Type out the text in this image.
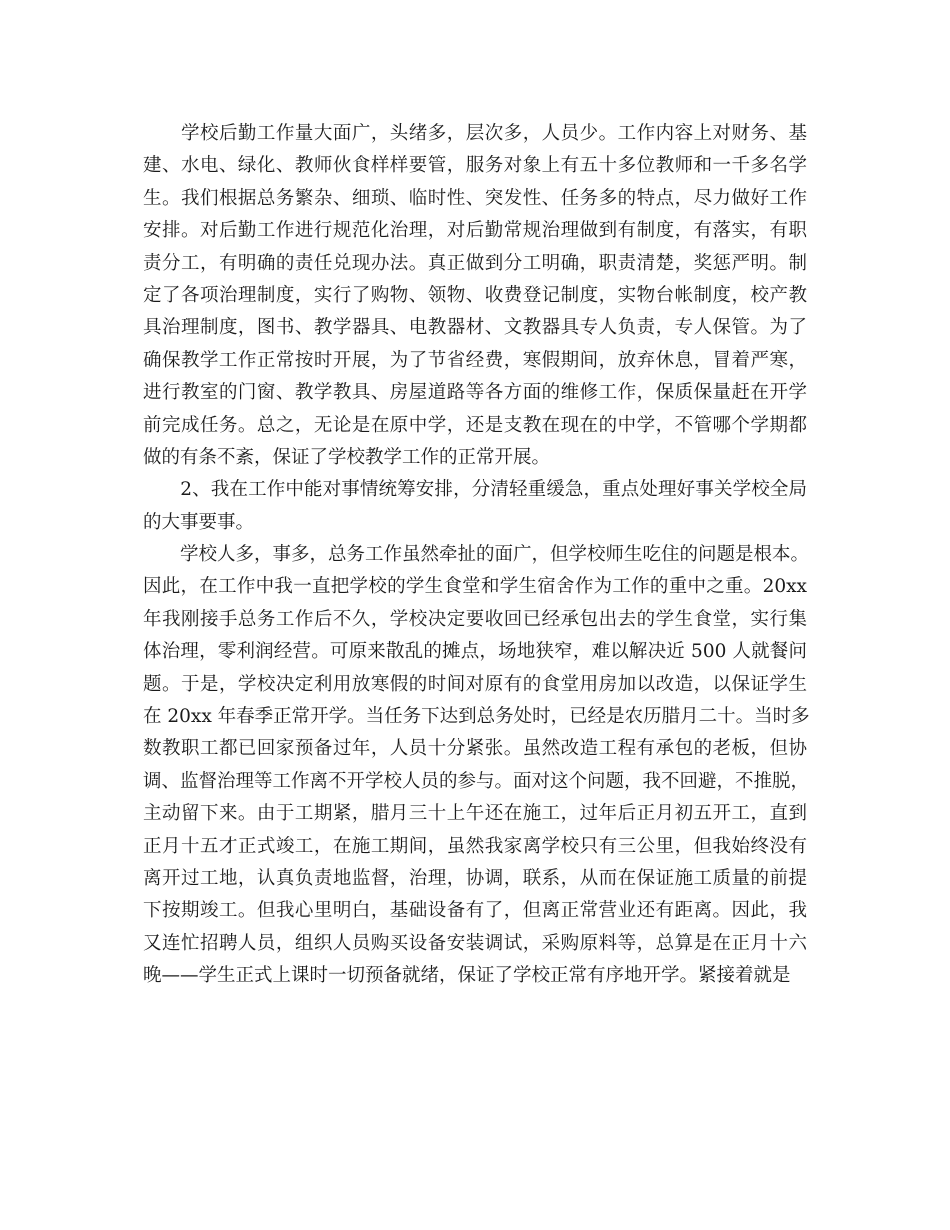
　　学校后勤工作量大面广，头绪多，层次多，人员少。工作内容上对财务、基
建、水电、绿化、教师伙食样样要管，服务对象上有五十多位教师和一千多名学
生。我们根据总务繁杂、细琐、临时性、突发性、任务多的特点，尽力做好工作
安排。对后勤工作进行规范化治理，对后勤常规治理做到有制度，有落实，有职
责分工，有明确的责任兑现办法。真正做到分工明确，职责清楚，奖惩严明。制
定了各项治理制度，实行了购物、领物、收费登记制度，实物台帐制度，校产教
具治理制度，图书、教学器具、电教器材、文教器具专人负责，专人保管。为了
确保教学工作正常按时开展，为了节省经费，寒假期间，放弃休息，冒着严寒，
进行教室的门窗、教学教具、房屋道路等各方面的维修工作，保质保量赶在开学
前完成任务。总之，无论是在原中学，还是支教在现在的中学，不管哪个学期都
做的有条不紊，保证了学校教学工作的正常开展。
　　2、我在工作中能对事情统筹安排，分清轻重缓急，重点处理好事关学校全局
的大事要事。
　　学校人多，事多，总务工作虽然牵扯的面广，但学校师生吃住的问题是根本。
因此，在工作中我一直把学校的学生食堂和学生宿舍作为工作的重中之重。20xx
年我刚接手总务工作后不久，学校决定要收回已经承包出去的学生食堂，实行集
体治理，零利润经营。可原来散乱的摊点，场地狭窄，难以解决近 500 人就餐问
题。于是，学校决定利用放寒假的时间对原有的食堂用房加以改造，以保证学生
在 20xx 年春季正常开学。当任务下达到总务处时，已经是农历腊月二十。当时多
数教职工都已回家预备过年，人员十分紧张。虽然改造工程有承包的老板，但协
调、监督治理等工作离不开学校人员的参与。面对这个问题，我不回避，不推脱，
主动留下来。由于工期紧，腊月三十上午还在施工，过年后正月初五开工，直到
正月十五才正式竣工，在施工期间，虽然我家离学校只有三公里，但我始终没有
离开过工地，认真负责地监督，治理，协调，联系，从而在保证施工质量的前提
下按期竣工。但我心里明白，基础设备有了，但离正常营业还有距离。因此，我
又连忙招聘人员，组织人员购买设备安装调试，采购原料等，总算是在正月十六
晚——学生正式上课时一切预备就绪，保证了学校正常有序地开学。紧接着就是
